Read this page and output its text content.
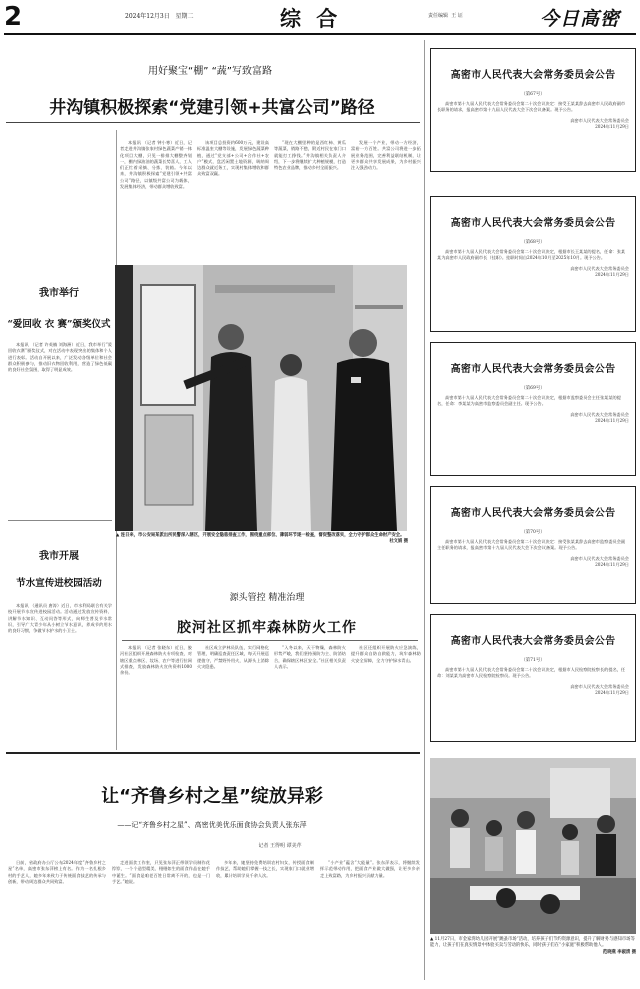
2	2024年12月3日 星期二	综 合	责任编辑 王 证	今日高密
用好聚宝“棚” “蔬”写致富路
井沟镇积极探索“党建引领+共富公司”路径

本报讯 （记者 钟小寒）近日，记者走进井沟镇张家村绿色蔬菜产销一体化项目大棚，只见一排排大棚整齐划一，棚内绿油油的蔬菜长势喜人，工人们正忙着采摘、分拣、装箱。今年以来，井沟镇积极探索“党建引领+共富公司”路径，以镇级共富公司为载体，发展集体经济，带动群众增收致富。

该项目总投资约600万元，建设高标准温室大棚等设施，发展绿色蔬菜种植，通过“党支部+公司+合作社+农户”模式，盘活闲置土地资源，吸纳周边群众就近务工，实现村集体增收和群众致富双赢。

“现在大棚里种的是西红柿、黄瓜等蔬菜，销路不愁，附近村民在家门口就能打工挣钱。”井沟镇相关负责人介绍，下一步将继续扩大种植规模，打造特色农业品牌，推动乡村全面振兴。

发展一个产业，带动一方经济，富裕一方百姓。共富公司将进一步拓展业务范围，完善利益联结机制，让更多群众共享发展成果，为乡村振兴注入强劲动力。

我市举行
“爱回收 衣 赛”颁奖仪式

本报讯 （记者 许英楠 刘海洲）近日，我市举行“爱回收衣赛”颁奖仪式，对在活动中表现突出的集体和个人进行表彰。活动自开展以来，广泛发动各级单位和社会群众积极参与，推动旧衣物回收利用，营造了绿色低碳的良好社会氛围，取得了明显成效。

我市开展
节水宣传进校园活动

本报讯 （通讯员 唐涛）近日，市水利局联合有关学校开展节水宣传进校园活动。活动通过发放宣传资料、讲解节水知识、互动问答等形式，向师生普及节水常识，引导广大青少年从小树立节水意识，养成节约用水的良好习惯，争做节水护水的小卫士。

▲ 连日来，市公安局某派出所民警深入辖区，开展安全隐患排查工作，围绕重点部位、薄弱环节逐一检查，督促整改落实，全力守护群众生命财产安全。
杜文娟 摄
源头管控 精准治理
胶河社区抓牢森林防火工作

本报讯 （记者 张晓东）近日，胶河社区组织开展森林防火专项检查，对辖区重点林区、坟场、农户等进行拉网式排查，发放森林防火宣传资料1000余份。

社区成立护林员队伍，实行网格化管理，明确巡查责任区域，每天开展巡逻值守，严禁野外用火，从源头上消除火灾隐患。

“入冬以来，天干物燥，森林防火形势严峻，我们坚持预防为主、防消结合，确保辖区林区安全。”社区相关负责人表示。

社区还组织开展防火应急演练，提升群众自防自救能力，筑牢森林防火安全屏障，全力守护绿水青山。

让“齐鲁乡村之星”绽放异彩
——记“齐鲁乡村之星”、高密优美优乐面食协会负责人张东萍
记者 王得明 谭美芹

日前，省政府办公厅公布2024年度“齐鲁乡村之星”名单，高密市张东萍榜上有名。作为一名扎根乡村的手艺人，她多年来致力于传统面食技艺的传承与创新，带动周边群众共同致富。

走进面食工作室，只见张东萍正带领学员制作花饽饽，一个个造型精美、栩栩如生的面食作品在她手中诞生。“面食是咱老百姓日常离不开的，也是一门手艺。”她说。

多年来，她坚持免费培训农村妇女，传授面食制作技艺，帮助她们掌握一技之长，实现家门口就业增收，累计培训学员千余人次。

“小产业”蕴含“大能量”。张东萍表示，将继续发挥示范带动作用，把面食产业做大做强，让更多乡亲走上致富路，为乡村振兴贡献力量。

高密市人民代表大会常务委员会公告
（第67号）
高密市第十九届人民代表大会常务委员会第二十次会议决定：接受王某某辞去高密市人民政府副市长职务的请求，报高密市第十九届人民代表大会下次会议备案。现予公告。
高密市人民代表大会常务委员会
2024年11月29日
高密市人民代表大会常务委员会公告
（第68号）
高密市第十九届人民代表大会常务委员会第二十次会议决定，根据市长王某某的提名，任命：张某某为高密市人民政府副市长（挂职）。挂职时间自2024年10月至2025年10月。现予公告。
高密市人民代表大会常务委员会
2024年11月29日
高密市人民代表大会常务委员会公告
（第69号）
高密市第十九届人民代表大会常务委员会第二十次会议决定，根据市监察委员会主任张某某的提名，任命：李某某为高密市监察委员会副主任。现予公告。
高密市人民代表大会常务委员会
2024年11月29日
高密市人民代表大会常务委员会公告
（第70号）
高密市第十九届人民代表大会常务委员会第二十次会议决定：接受张某某辞去高密市监察委员会副主任职务的请求，报高密市第十九届人民代表大会下次会议备案。现予公告。
高密市人民代表大会常务委员会
2024年11月29日
高密市人民代表大会常务委员会公告
（第71号）
高密市第十九届人民代表大会常务委员会第二十次会议决定，根据市人民检察院检察长的提名，任命：刘某某为高密市人民检察院检察员。现予公告。
高密市人民代表大会常务委员会
2024年11月29日
▲ 11月27日，市金家湾幼儿园开展“跳蚤市场”活动，培养孩子们节约资源意识，提升了解财务与感知市场等能力，让孩子们在真实情景中体验买卖与劳动的快乐，同时孩子们在“小家庭”积极帮助他人。
范晓燕 李淑清 摄
